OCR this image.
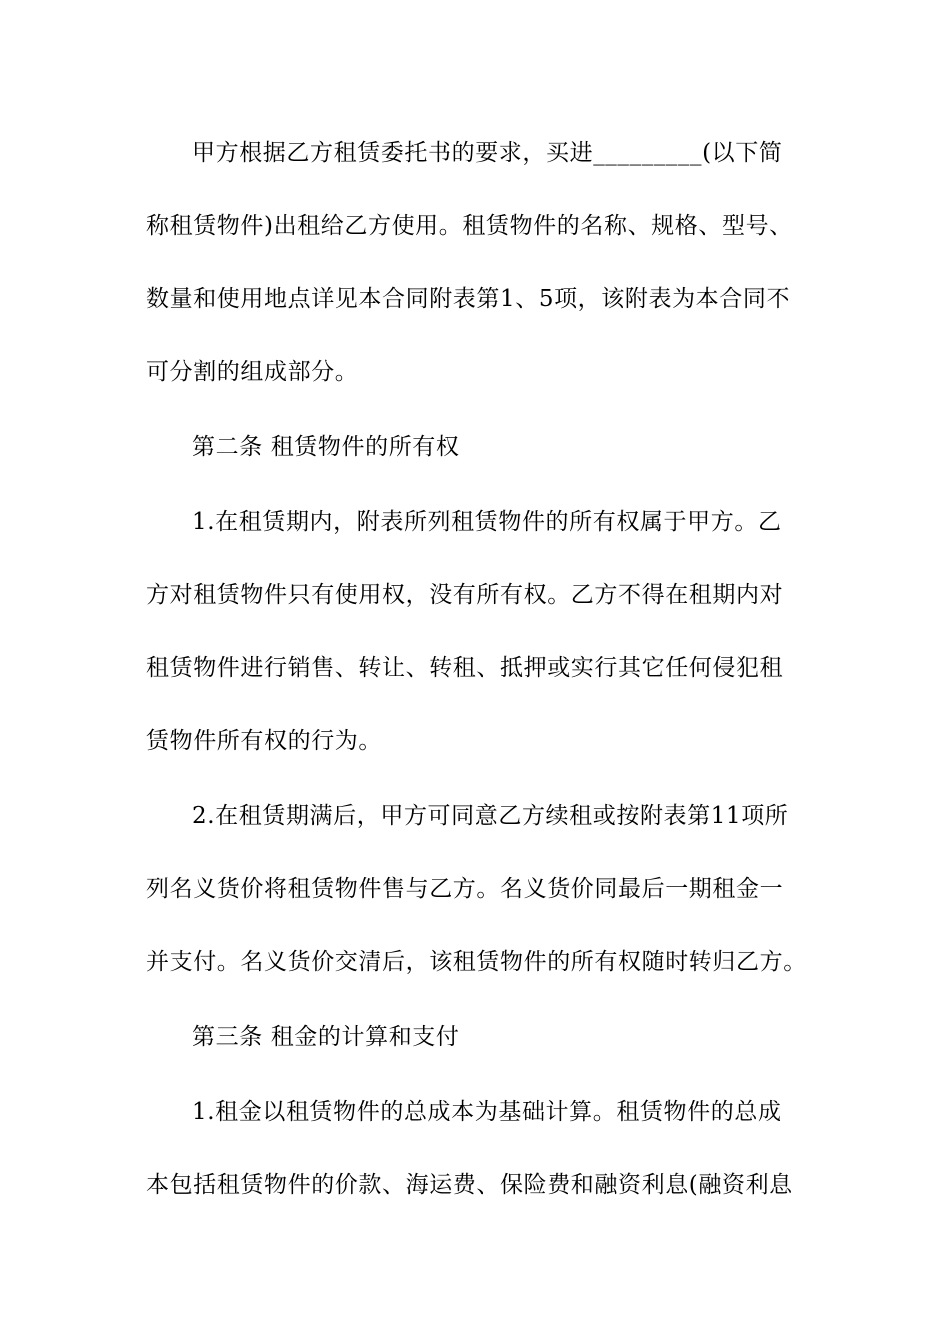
甲方根据乙方租赁委托书的要求，买进_________(以下简
称租赁物件)出租给乙方使用。租赁物件的名称、规格、型号、
数量和使用地点详见本合同附表第1、5项，该附表为本合同不
可分割的组成部分。
第二条 租赁物件的所有权
1.在租赁期内，附表所列租赁物件的所有权属于甲方。乙
方对租赁物件只有使用权，没有所有权。乙方不得在租期内对
租赁物件进行销售、转让、转租、抵押或实行其它任何侵犯租
赁物件所有权的行为。
2.在租赁期满后，甲方可同意乙方续租或按附表第11项所
列名义货价将租赁物件售与乙方。名义货价同最后一期租金一
并支付。名义货价交清后，该租赁物件的所有权随时转归乙方。
第三条 租金的计算和支付
1.租金以租赁物件的总成本为基础计算。租赁物件的总成
本包括租赁物件的价款、海运费、保险费和融资利息(融资利息
